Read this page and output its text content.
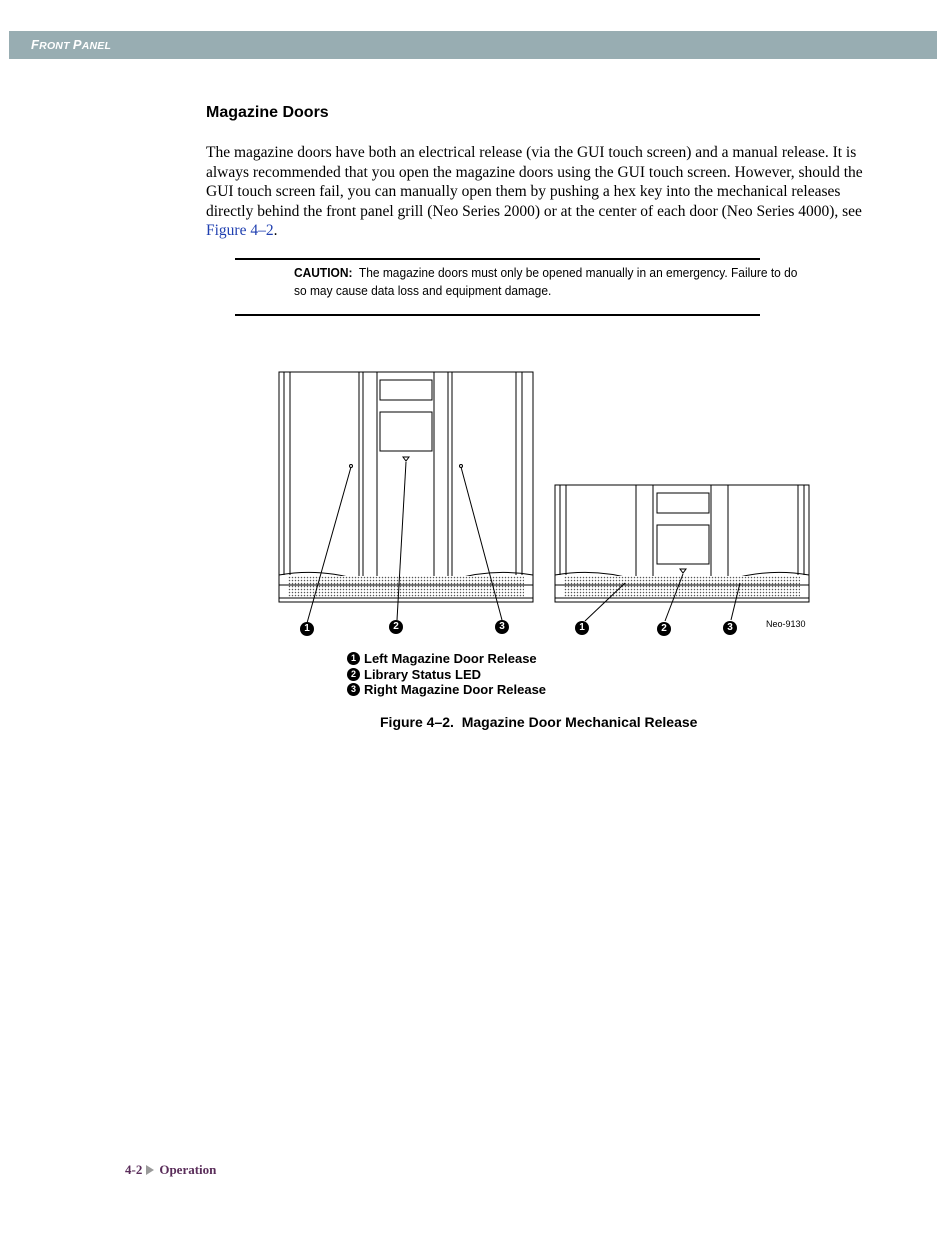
FRONT PANEL
Magazine Doors

The magazine doors have both an electrical release (via the GUI touch screen) and a manual release. It is always recommended that you open the magazine doors using the GUI touch screen. However, should the GUI touch screen fail, you can manually open them by pushing a hex key into the mechanical releases directly behind the front panel grill (Neo Series 2000) or at the center of each door (Neo Series 4000), see Figure 4–2.

CAUTION: The magazine doors must only be opened manually in an emergency. Failure to do so may cause data loss and equipment damage.
1	2	3	1	2	3	Neo-9130
1 Left Magazine Door Release
2 Library Status LED
3 Right Magazine Door Release
Figure 4–2.  Magazine Door Mechanical Release
4-2 Operation
